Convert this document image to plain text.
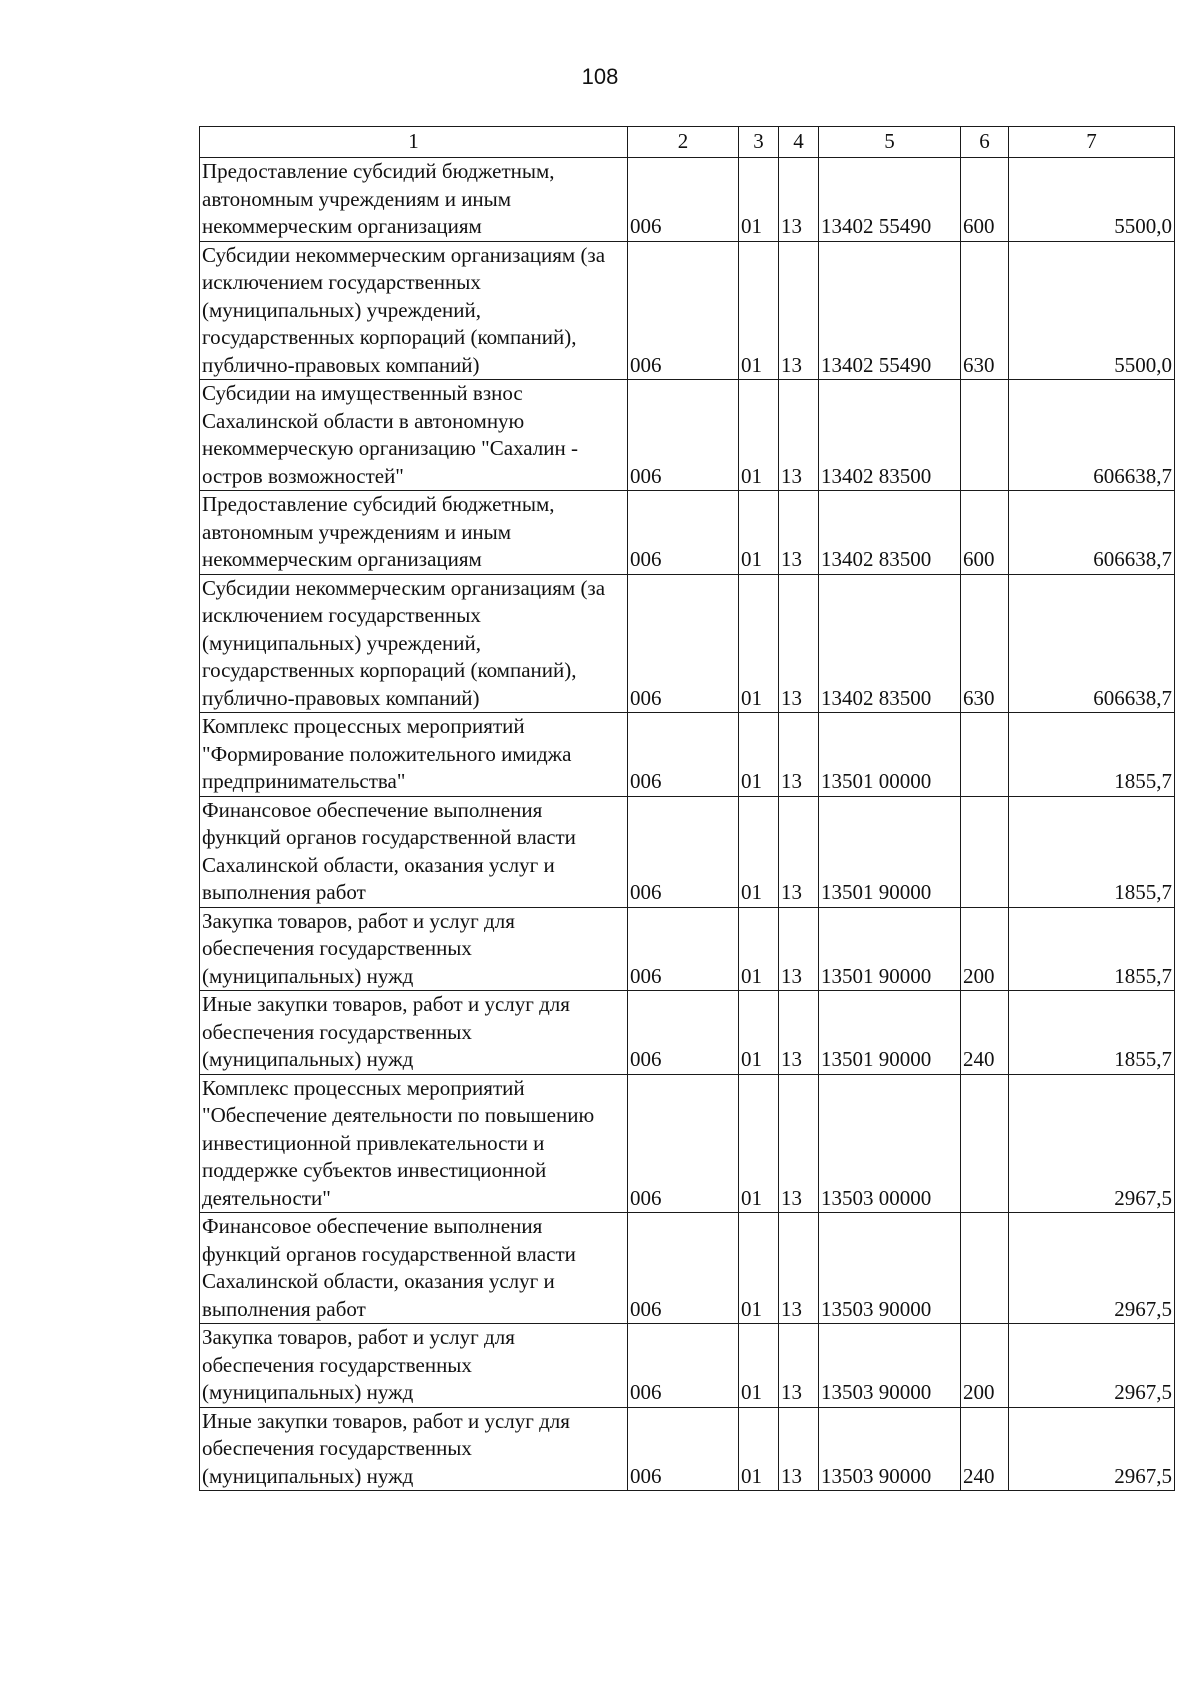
108
1	2	3	4	5	6	7
Предоставление субсидий бюджетным, автономным учреждениям и иным некоммерческим организациям	006	01	13	13402 55490	600	5500,0
Субсидии некоммерческим организациям (за исключением государственных (муниципальных) учреждений, государственных корпораций (компаний), публично-правовых компаний)	006	01	13	13402 55490	630	5500,0
Субсидии на имущественный взнос Сахалинской области в автономную некоммерческую организацию "Сахалин - остров возможностей"	006	01	13	13402 83500		606638,7
Предоставление субсидий бюджетным, автономным учреждениям и иным некоммерческим организациям	006	01	13	13402 83500	600	606638,7
Субсидии некоммерческим организациям (за исключением государственных (муниципальных) учреждений, государственных корпораций (компаний), публично-правовых компаний)	006	01	13	13402 83500	630	606638,7
Комплекс процессных мероприятий "Формирование положительного имиджа предпринимательства"	006	01	13	13501 00000		1855,7
Финансовое обеспечение выполнения функций органов государственной власти Сахалинской области, оказания услуг и выполнения работ	006	01	13	13501 90000		1855,7
Закупка товаров, работ и услуг для обеспечения государственных (муниципальных) нужд	006	01	13	13501 90000	200	1855,7
Иные закупки товаров, работ и услуг для обеспечения государственных (муниципальных) нужд	006	01	13	13501 90000	240	1855,7
Комплекс процессных мероприятий "Обеспечение деятельности по повышению инвестиционной привлекательности и поддержке субъектов инвестиционной деятельности"	006	01	13	13503 00000		2967,5
Финансовое обеспечение выполнения функций органов государственной власти Сахалинской области, оказания услуг и выполнения работ	006	01	13	13503 90000		2967,5
Закупка товаров, работ и услуг для обеспечения государственных (муниципальных) нужд	006	01	13	13503 90000	200	2967,5
Иные закупки товаров, работ и услуг для обеспечения государственных (муниципальных) нужд	006	01	13	13503 90000	240	2967,5
